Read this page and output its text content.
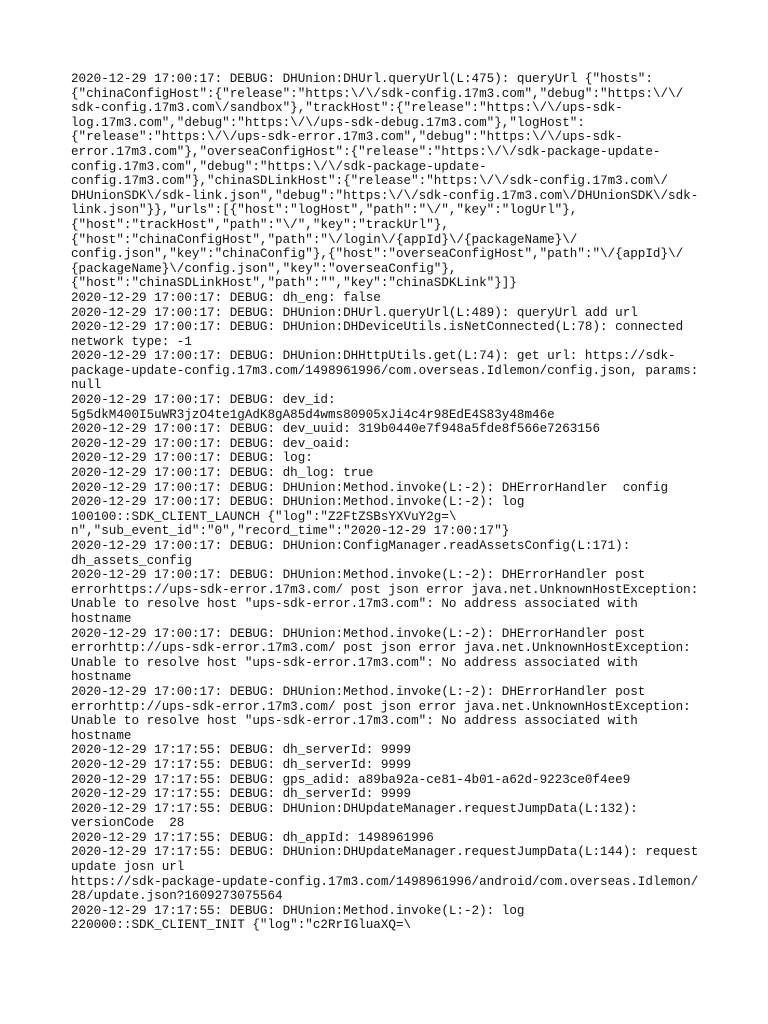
2020-12-29 17:00:17: DEBUG: DHUnion:DHUrl.queryUrl(L:475): queryUrl {"hosts":
{"chinaConfigHost":{"release":"https:\/\/sdk-config.17m3.com","debug":"https:\/\/
sdk-config.17m3.com\/sandbox"},"trackHost":{"release":"https:\/\/ups-sdk-
log.17m3.com","debug":"https:\/\/ups-sdk-debug.17m3.com"},"logHost":
{"release":"https:\/\/ups-sdk-error.17m3.com","debug":"https:\/\/ups-sdk-
error.17m3.com"},"overseaConfigHost":{"release":"https:\/\/sdk-package-update-
config.17m3.com","debug":"https:\/\/sdk-package-update-
config.17m3.com"},"chinaSDLinkHost":{"release":"https:\/\/sdk-config.17m3.com\/
DHUnionSDK\/sdk-link.json","debug":"https:\/\/sdk-config.17m3.com\/DHUnionSDK\/sdk-
link.json"}},"urls":[{"host":"logHost","path":"\/","key":"logUrl"},
{"host":"trackHost","path":"\/","key":"trackUrl"},
{"host":"chinaConfigHost","path":"\/login\/{appId}\/{packageName}\/
config.json","key":"chinaConfig"},{"host":"overseaConfigHost","path":"\/{appId}\/
{packageName}\/config.json","key":"overseaConfig"},
{"host":"chinaSDLinkHost","path":"","key":"chinaSDKLink"}]}
2020-12-29 17:00:17: DEBUG: dh_eng: false
2020-12-29 17:00:17: DEBUG: DHUnion:DHUrl.queryUrl(L:489): queryUrl add url
2020-12-29 17:00:17: DEBUG: DHUnion:DHDeviceUtils.isNetConnected(L:78): connected
network type: -1
2020-12-29 17:00:17: DEBUG: DHUnion:DHHttpUtils.get(L:74): get url: https://sdk-
package-update-config.17m3.com/1498961996/com.overseas.Idlemon/config.json, params:
null
2020-12-29 17:00:17: DEBUG: dev_id:
5g5dkM400I5uWR3jzO4te1gAdK8gA85d4wms80905xJi4c4r98EdE4S83y48m46e
2020-12-29 17:00:17: DEBUG: dev_uuid: 319b0440e7f948a5fde8f566e7263156
2020-12-29 17:00:17: DEBUG: dev_oaid:
2020-12-29 17:00:17: DEBUG: log:
2020-12-29 17:00:17: DEBUG: dh_log: true
2020-12-29 17:00:17: DEBUG: DHUnion:Method.invoke(L:-2): DHErrorHandler  config
2020-12-29 17:00:17: DEBUG: DHUnion:Method.invoke(L:-2): log
100100::SDK_CLIENT_LAUNCH {"log":"Z2FtZSBsYXVuY2g=\
n","sub_event_id":"0","record_time":"2020-12-29 17:00:17"}
2020-12-29 17:00:17: DEBUG: DHUnion:ConfigManager.readAssetsConfig(L:171):
dh_assets_config
2020-12-29 17:00:17: DEBUG: DHUnion:Method.invoke(L:-2): DHErrorHandler post
errorhttps://ups-sdk-error.17m3.com/ post json error java.net.UnknownHostException:
Unable to resolve host "ups-sdk-error.17m3.com": No address associated with
hostname
2020-12-29 17:00:17: DEBUG: DHUnion:Method.invoke(L:-2): DHErrorHandler post
errorhttp://ups-sdk-error.17m3.com/ post json error java.net.UnknownHostException:
Unable to resolve host "ups-sdk-error.17m3.com": No address associated with
hostname
2020-12-29 17:00:17: DEBUG: DHUnion:Method.invoke(L:-2): DHErrorHandler post
errorhttp://ups-sdk-error.17m3.com/ post json error java.net.UnknownHostException:
Unable to resolve host "ups-sdk-error.17m3.com": No address associated with
hostname
2020-12-29 17:17:55: DEBUG: dh_serverId: 9999
2020-12-29 17:17:55: DEBUG: dh_serverId: 9999
2020-12-29 17:17:55: DEBUG: gps_adid: a89ba92a-ce81-4b01-a62d-9223ce0f4ee9
2020-12-29 17:17:55: DEBUG: dh_serverId: 9999
2020-12-29 17:17:55: DEBUG: DHUnion:DHUpdateManager.requestJumpData(L:132):
versionCode  28
2020-12-29 17:17:55: DEBUG: dh_appId: 1498961996
2020-12-29 17:17:55: DEBUG: DHUnion:DHUpdateManager.requestJumpData(L:144): request
update josn url
https://sdk-package-update-config.17m3.com/1498961996/android/com.overseas.Idlemon/
28/update.json?1609273075564
2020-12-29 17:17:55: DEBUG: DHUnion:Method.invoke(L:-2): log
220000::SDK_CLIENT_INIT {"log":"c2RrIGluaXQ=\
